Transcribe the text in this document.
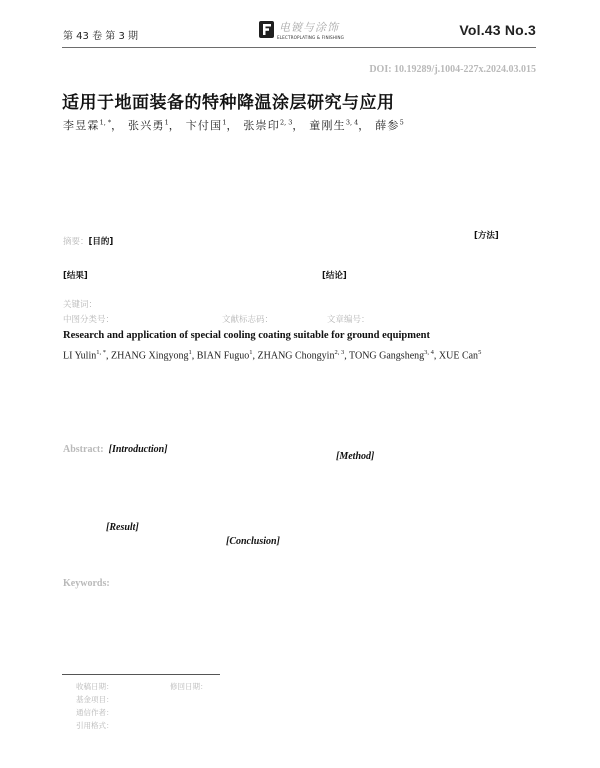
第 43 卷 第 3 期
电镀与涂饰
ELECTROPLATING & FINISHING	Vol.43 No.3
DOI: 10.19289/j.1004-227x.2024.03.015
适用于地面装备的特种降温涂层研究与应用
李昱霖$^{1, *}$， 张兴勇$^1$， 卞付国$^1$， 张崇印$^{2, 3}$， 童刚生$^{3, 4}$， 薛参$^5$
摘要：[目的]
[方法]
[结果]	[结论]
关键词：
中图分类号：	文献标志码：	文章编号：
Research and application of special cooling coating suitable for ground equipment
LI Yulin$^{1, *}$, ZHANG Xingyong$^1$, BIAN Fuguo$^1$, ZHANG Chongyin$^{2, 3}$, TONG Gangsheng$^{3, 4}$, XUE Can$^5$
Abstract: [Introduction]
[Method]
[Result]
[Conclusion]
Keywords:
收稿日期：	修回日期：
基金项目：
通信作者：
引用格式：
